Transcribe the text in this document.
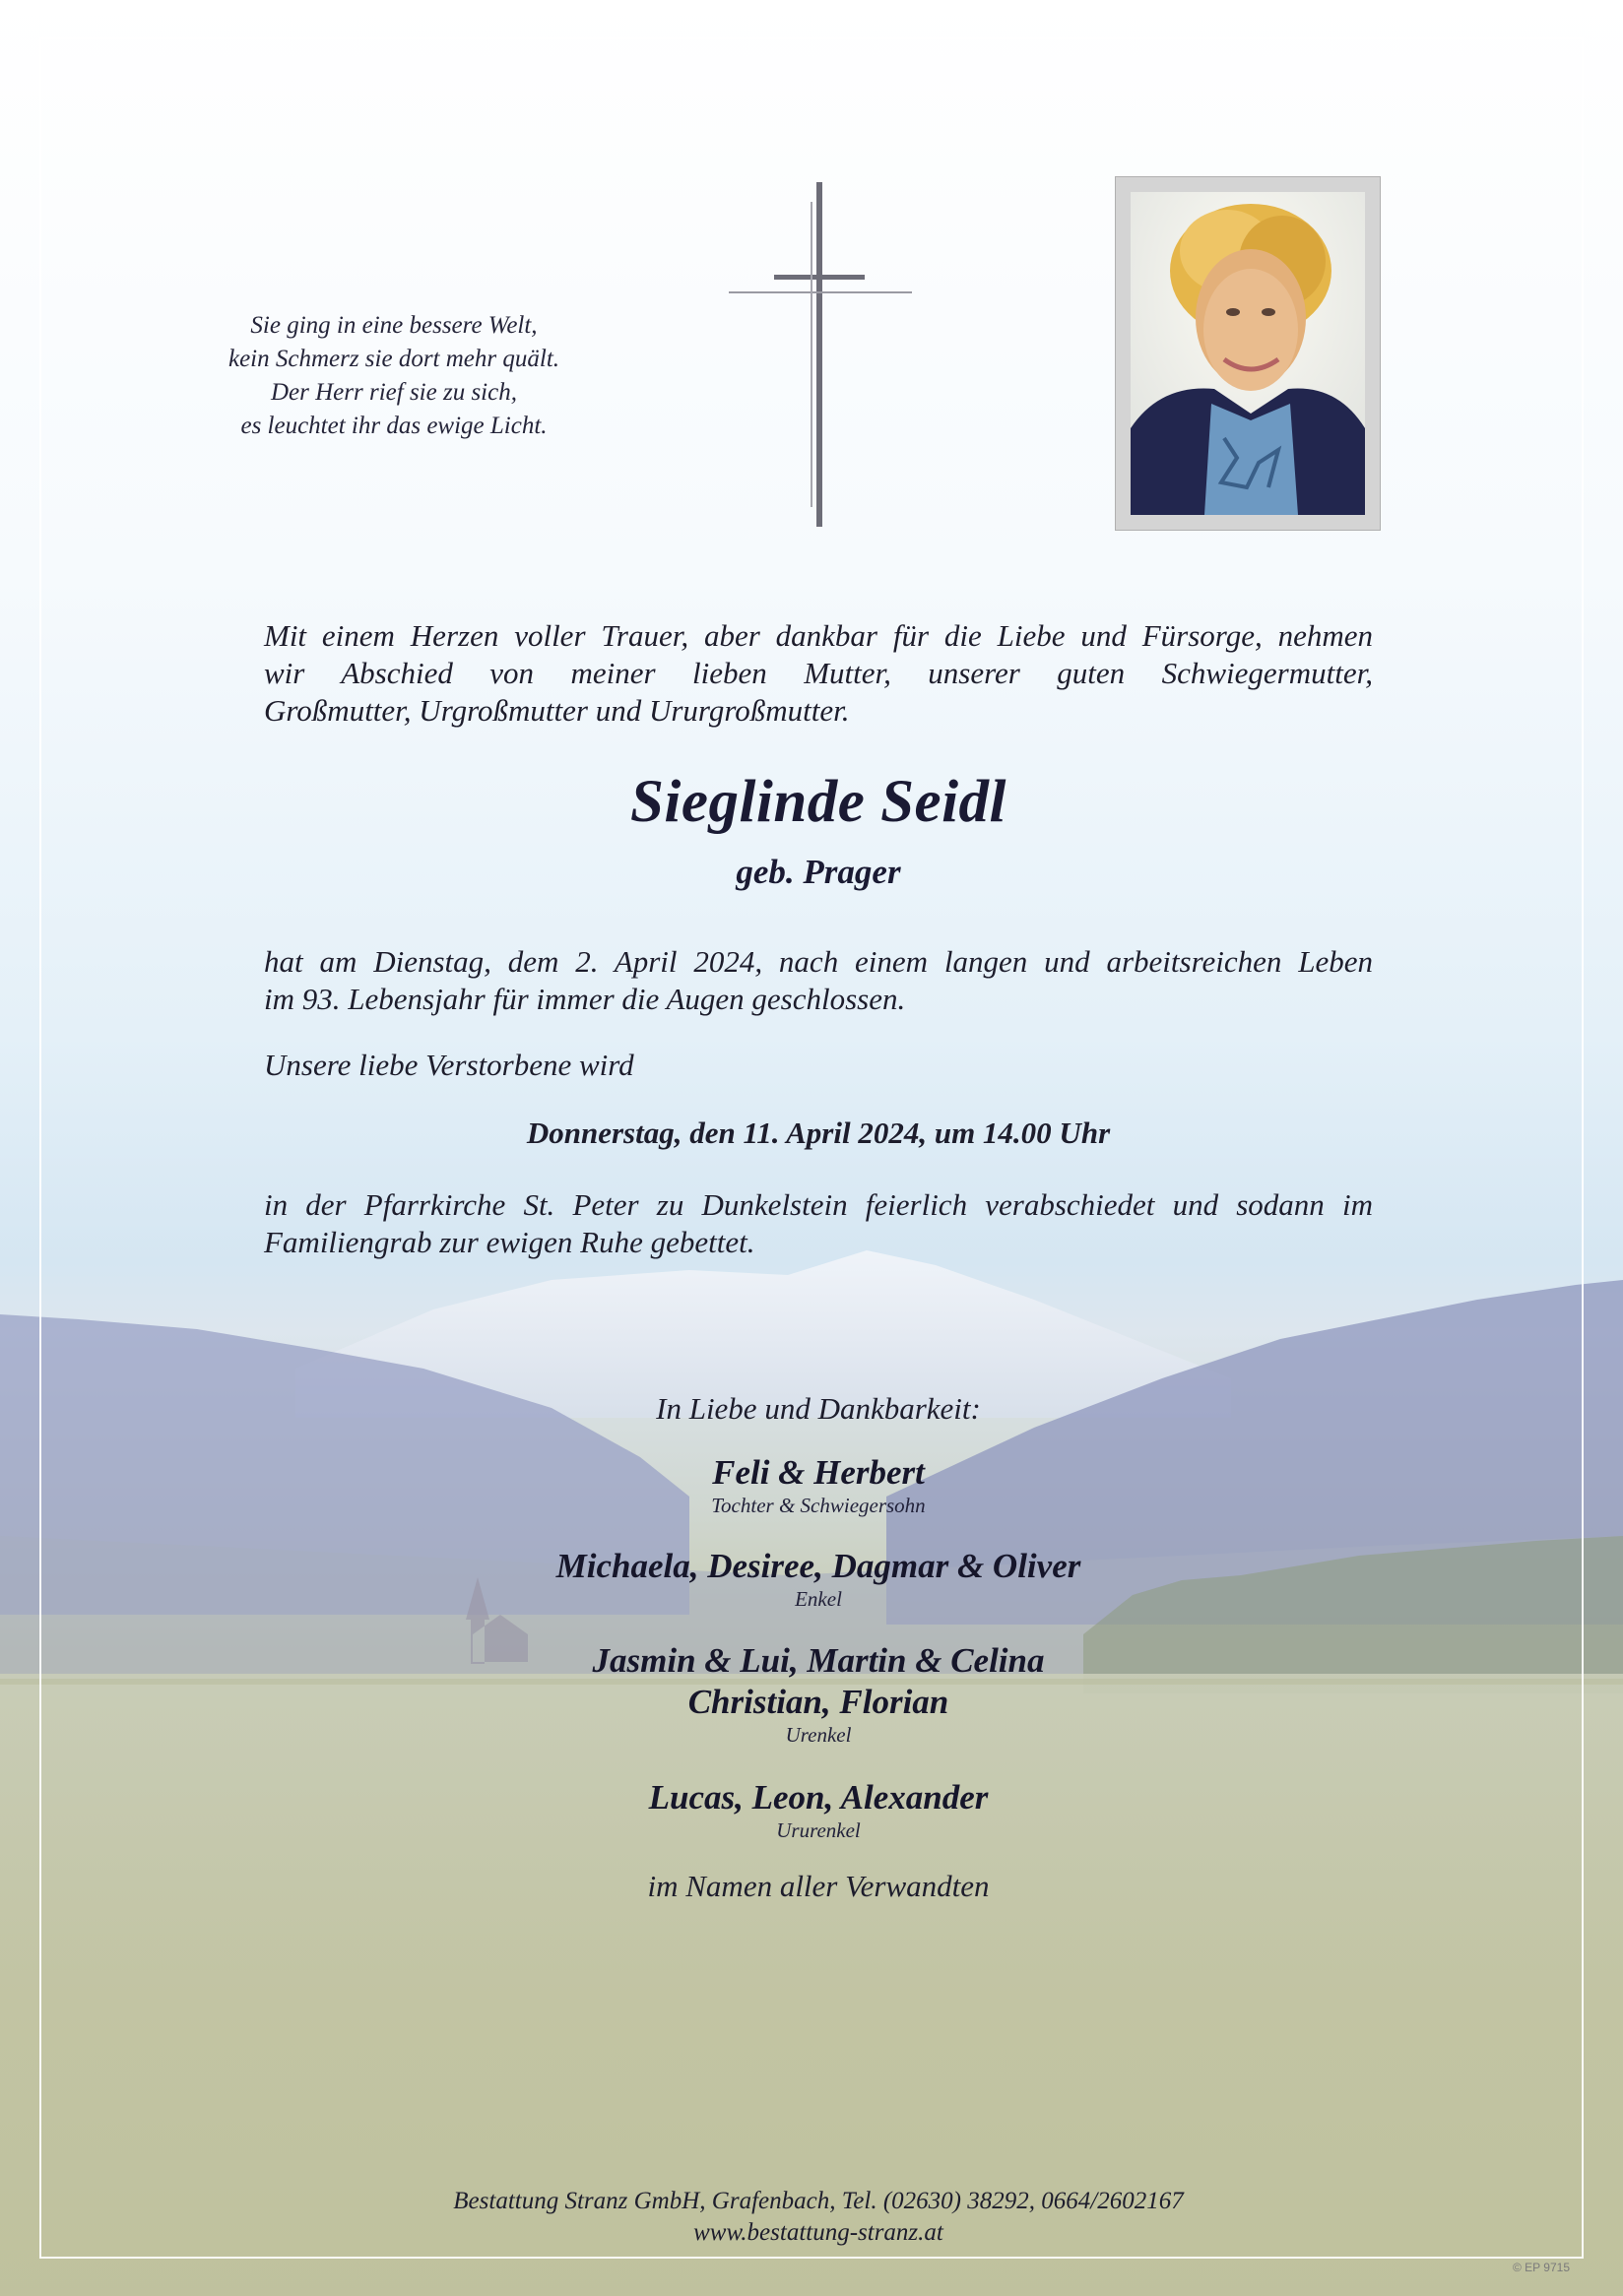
Sie ging in eine bessere Welt,
kein Schmerz sie dort mehr quält.
Der Herr rief sie zu sich,
es leuchtet ihr das ewige Licht.
Mit einem Herzen voller Trauer, aber dankbar für die Liebe und Fürsorge, nehmen
wir Abschied von meiner lieben Mutter, unserer guten Schwiegermutter,
Großmutter, Urgroßmutter und Ururgroßmutter.
Sieglinde Seidl
geb. Prager
hat am Dienstag, dem 2. April 2024, nach einem langen und arbeitsreichen Leben
im 93. Lebensjahr für immer die Augen geschlossen.
Unsere liebe Verstorbene wird
Donnerstag, den 11. April 2024, um 14.00 Uhr
in der Pfarrkirche St. Peter zu Dunkelstein feierlich verabschiedet und sodann im
Familiengrab zur ewigen Ruhe gebettet.
In Liebe und Dankbarkeit:
Feli & Herbert
Tochter & Schwiegersohn
Michaela, Desiree, Dagmar & Oliver
Enkel
Jasmin & Lui, Martin & Celina
Christian, Florian
Urenkel
Lucas, Leon, Alexander
Ururenkel
im Namen aller Verwandten
Bestattung Stranz GmbH, Grafenbach, Tel. (02630) 38292, 0664/2602167
www.bestattung-stranz.at
© EP 9715
